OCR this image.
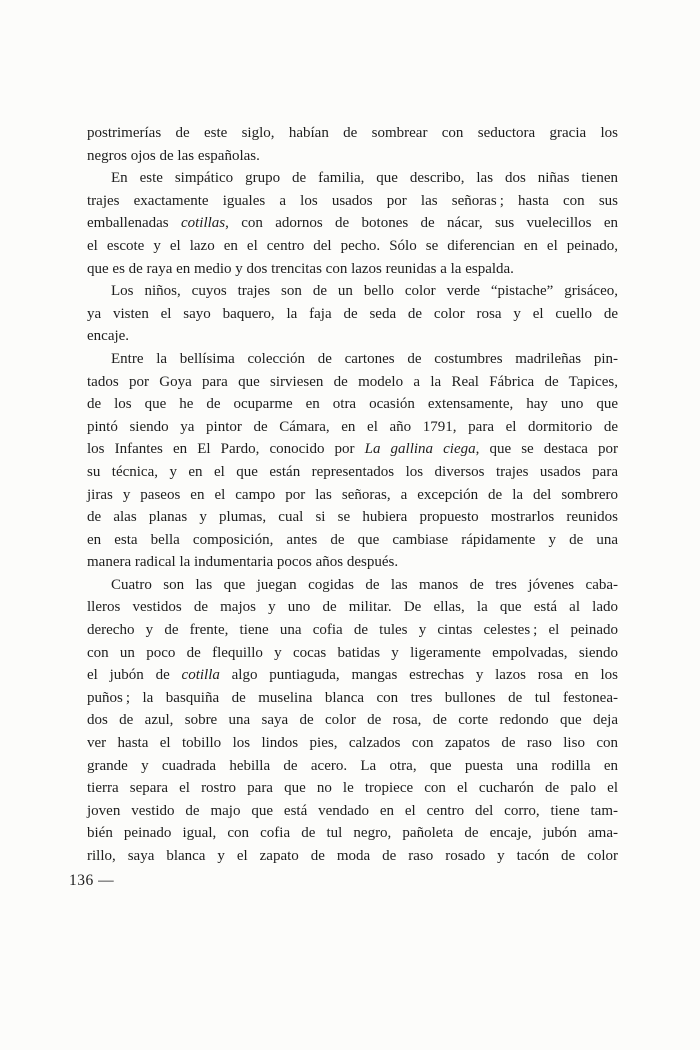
postrimerías de este siglo, habían de sombrear con seductora gracia los
negros ojos de las españolas.
En este simpático grupo de familia, que describo, las dos niñas tienen
trajes exactamente iguales a los usados por las señoras ; hasta con sus
emballenadas cotillas, con adornos de botones de nácar, sus vuelecillos en
el escote y el lazo en el centro del pecho. Sólo se diferencian en el peinado,
que es de raya en medio y dos trencitas con lazos reunidas a la espalda.
Los niños, cuyos trajes son de un bello color verde “pistache” grisáceo,
ya visten el sayo baquero, la faja de seda de color rosa y el cuello de
encaje.
Entre la bellísima colección de cartones de costumbres madrileñas pin-
tados por Goya para que sirviesen de modelo a la Real Fábrica de Tapices,
de los que he de ocuparme en otra ocasión extensamente, hay uno que
pintó siendo ya pintor de Cámara, en el año 1791, para el dormitorio de
los Infantes en El Pardo, conocido por La gallina ciega, que se destaca por
su técnica, y en el que están representados los diversos trajes usados para
jiras y paseos en el campo por las señoras, a excepción de la del sombrero
de alas planas y plumas, cual si se hubiera propuesto mostrarlos reunidos
en esta bella composición, antes de que cambiase rápidamente y de una
manera radical la indumentaria pocos años después.
Cuatro son las que juegan cogidas de las manos de tres jóvenes caba-
lleros vestidos de majos y uno de militar. De ellas, la que está al lado
derecho y de frente, tiene una cofia de tules y cintas celestes ; el peinado
con un poco de flequillo y cocas batidas y ligeramente empolvadas, siendo
el jubón de cotilla algo puntiaguda, mangas estrechas y lazos rosa en los
puños ; la basquiña de muselina blanca con tres bullones de tul festonea-
dos de azul, sobre una saya de color de rosa, de corte redondo que deja
ver hasta el tobillo los lindos pies, calzados con zapatos de raso liso con
grande y cuadrada hebilla de acero. La otra, que puesta una rodilla en
tierra separa el rostro para que no le tropiece con el cucharón de palo el
joven vestido de majo que está vendado en el centro del corro, tiene tam-
bién peinado igual, con cofia de tul negro, pañoleta de encaje, jubón ama-
rillo, saya blanca y el zapato de moda de raso rosado y tacón de color
136 —
